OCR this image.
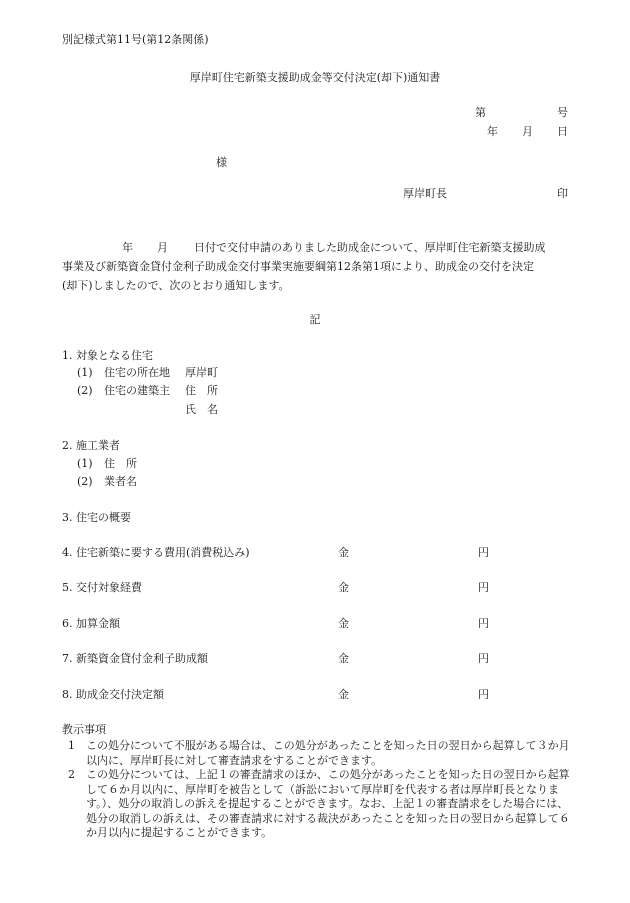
別記様式第11号(第12条関係)
厚岸町住宅新築支援助成金等交付決定(却下)通知書
第	号
年 月 日
様
厚岸町長	印
年 月 日付で交付申請のありました助成金について、厚岸町住宅新築支援助成
事業及び新築資金貸付金利子助成金交付事業実施要綱第12条第1項により、助成金の交付を決定
(却下)しましたので、次のとおり通知します。
記
1. 対象となる住宅
(1) 住宅の所在地 厚岸町
(2) 住宅の建築主 住　所
氏　名
2. 施工業者
(1) 住　所
(2) 業者名
3. 住宅の概要
4. 住宅新築に要する費用(消費税込み)	金	円
5. 交付対象経費	金	円
6. 加算金額	金	円
7. 新築資金貸付金利子助成額	金	円
8. 助成金交付決定額	金	円
教示事項
1 この処分について不服がある場合は、この処分があったことを知った日の翌日から起算して３か月以内に、厚岸町長に対して審査請求をすることができます。
2 この処分については、上記１の審査請求のほか、この処分があったことを知った日の翌日から起算して６か月以内に、厚岸町を被告として（訴訟において厚岸町を代表する者は厚岸町長となります。）、処分の取消しの訴えを提起することができます。なお、上記１の審査請求をした場合には、処分の取消しの訴えは、その審査請求に対する裁決があったことを知った日の翌日から起算して６か月以内に提起することができます。
